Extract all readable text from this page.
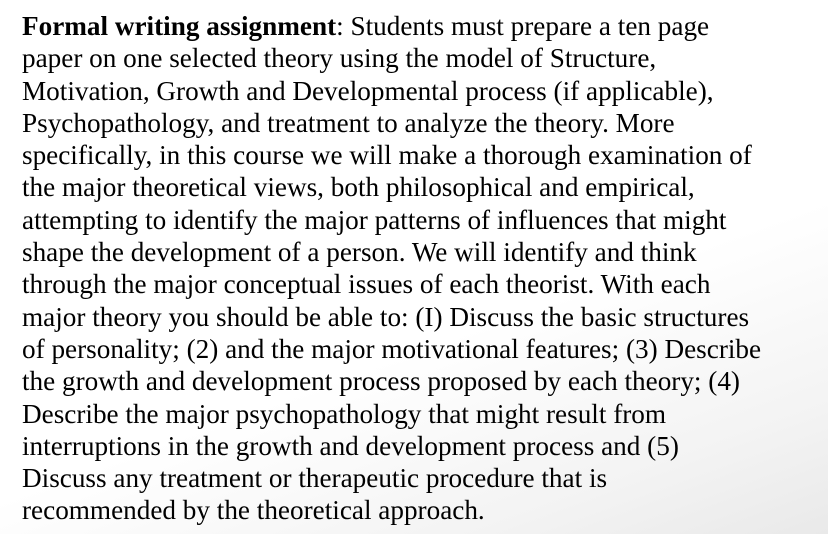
Formal writing assignment: Students must prepare a ten page
paper on one selected theory using the model of Structure,
Motivation, Growth and Developmental process (if applicable),
Psychopathology, and treatment to analyze the theory. More
specifically, in this course we will make a thorough examination of
the major theoretical views, both philosophical and empirical,
attempting to identify the major patterns of influences that might
shape the development of a person. We will identify and think
through the major conceptual issues of each theorist. With each
major theory you should be able to: (I) Discuss the basic structures
of personality; (2) and the major motivational features; (3) Describe
the growth and development process proposed by each theory; (4)
Describe the major psychopathology that might result from
interruptions in the growth and development process and (5)
Discuss any treatment or therapeutic procedure that is
recommended by the theoretical approach.
